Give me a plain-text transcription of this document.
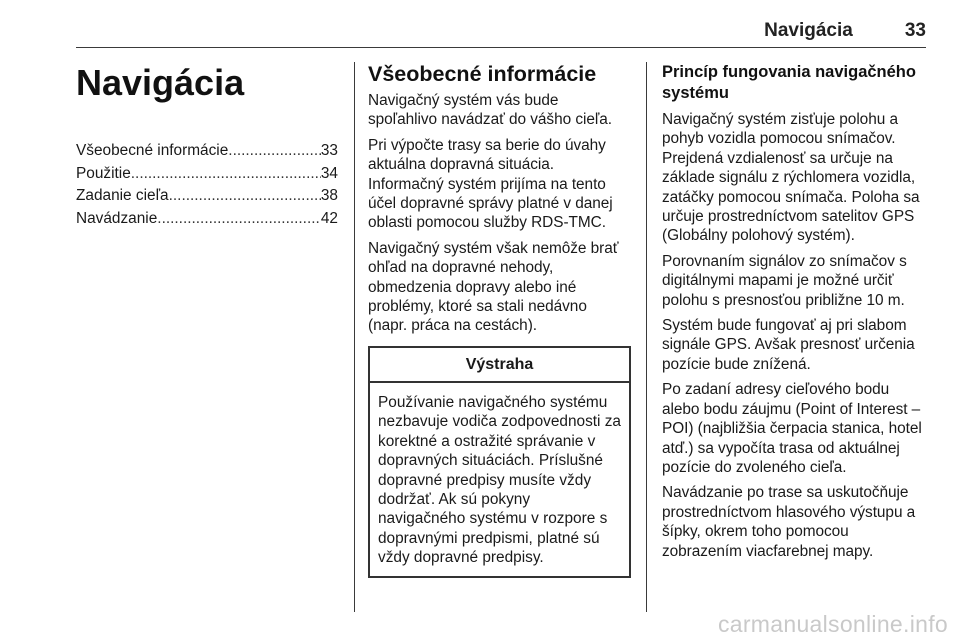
Navigácia	33
Navigácia
Všeobecné informácie .....	33
Použitie .....	34
Zadanie cieľa .....	38
Navádzanie .....	42
Všeobecné informácie

Navigačný systém vás bude spoľahlivo navádzať do vášho cieľa.

Pri výpočte trasy sa berie do úvahy aktuálna dopravná situácia. Informačný systém prijíma na tento účel dopravné správy platné v danej oblasti pomocou služby RDS-TMC.

Navigačný systém však nemôže brať ohľad na dopravné nehody, obmedzenia dopravy alebo iné problémy, ktoré sa stali nedávno (napr. práca na cestách).

Výstraha
Používanie navigačného systému nezbavuje vodiča zodpovednosti za korektné a ostražité správanie v dopravných situáciách. Príslušné dopravné predpisy musíte vždy dodržať. Ak sú pokyny navigačného systému v rozpore s dopravnými predpismi, platné sú vždy dopravné predpisy.
Princíp fungovania navigačného systému

Navigačný systém zisťuje polohu a pohyb vozidla pomocou snímačov. Prejdená vzdialenosť sa určuje na základe signálu z rýchlomera vozidla, zatáčky pomocou snímača. Poloha sa určuje prostredníctvom satelitov GPS (Globálny polohový systém).

Porovnaním signálov zo snímačov s digitálnymi mapami je možné určiť polohu s presnosťou približne 10 m.

Systém bude fungovať aj pri slabom signále GPS. Avšak presnosť určenia pozície bude znížená.

Po zadaní adresy cieľového bodu alebo bodu záujmu (Point of Interest – POI) (najbližšia čerpacia stanica, hotel atď.) sa vypočíta trasa od aktuálnej pozície do zvoleného cieľa.

Navádzanie po trase sa uskutočňuje prostredníctvom hlasového výstupu a šípky, okrem toho pomocou zobrazením viacfarebnej mapy.

carmanualsonline.info
